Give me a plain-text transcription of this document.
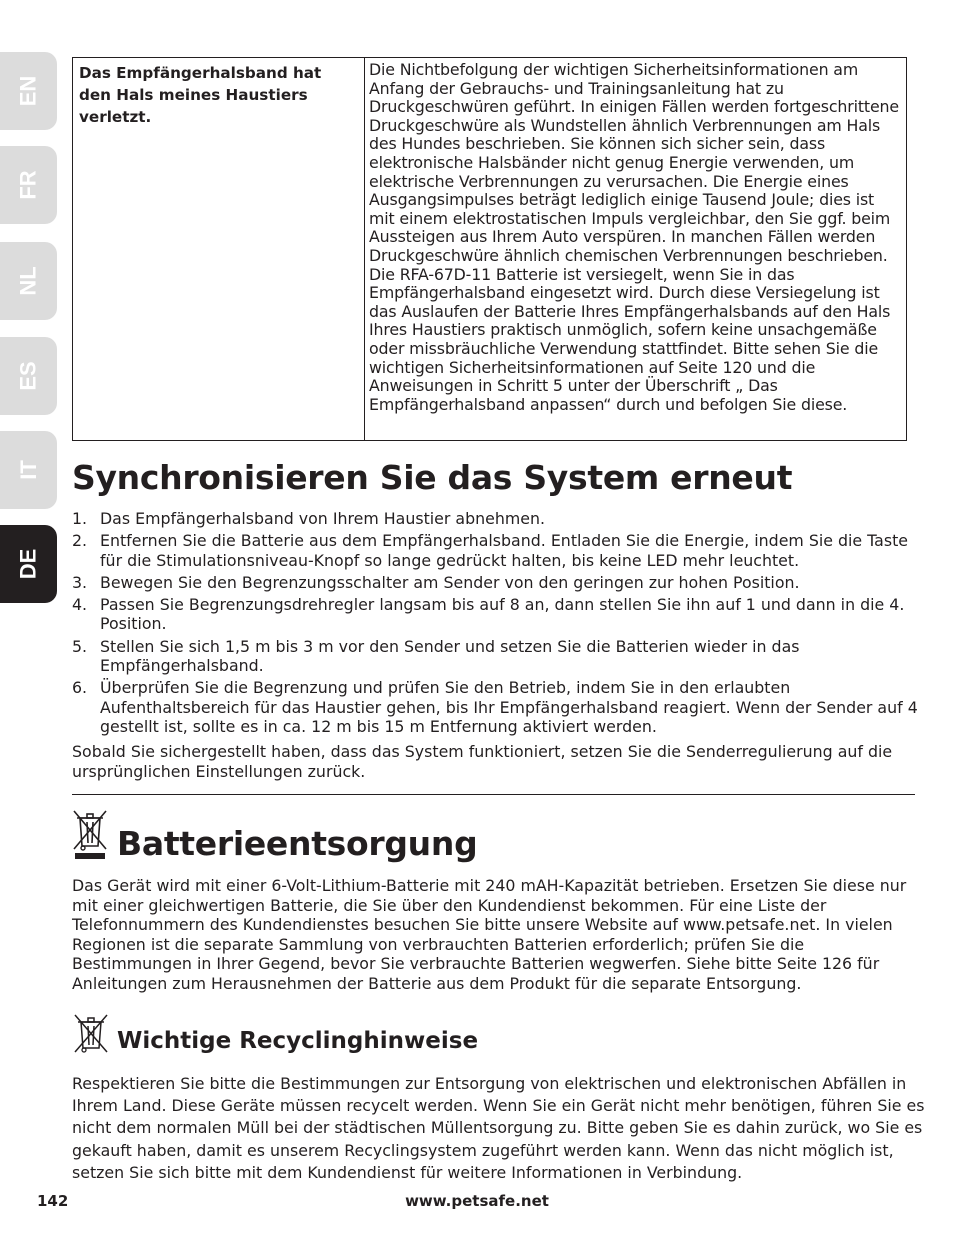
EN
FR
NL
ES
IT
DE
Das Empfängerhalsband hat den Hals meines Haustiers verletzt.
Die Nichtbefolgung der wichtigen Sicherheitsinformationen am Anfang der Gebrauchs- und Trainingsanleitung hat zu Druckgeschwüren geführt. In einigen Fällen werden fortgeschrittene Druckgeschwüre als Wundstellen ähnlich Verbrennungen am Hals des Hundes beschrieben. Sie können sich sicher sein, dass elektronische Halsbänder nicht genug Energie verwenden, um elektrische Verbrennungen zu verursachen. Die Energie eines Ausgangsimpulses beträgt lediglich einige Tausend Joule; dies ist mit einem elektrostatischen Impuls vergleichbar, den Sie ggf. beim Aussteigen aus Ihrem Auto verspüren. In manchen Fällen werden Druckgeschwüre ähnlich chemischen Verbrennungen beschrieben. Die RFA-67D-11 Batterie ist versiegelt, wenn Sie in das Empfängerhalsband eingesetzt wird. Durch diese Versiegelung ist das Auslaufen der Batterie Ihres Empfängerhalsbands auf den Hals Ihres Haustiers praktisch unmöglich, sofern keine unsachgemäße oder missbräuchliche Verwendung stattfindet. Bitte sehen Sie die wichtigen Sicherheitsinformationen auf Seite 120 und die Anweisungen in Schritt 5 unter der Überschrift „ Das Empfängerhalsband anpassen“ durch und befolgen Sie diese.
Synchronisieren Sie das System erneut
1. Das Empfängerhalsband von Ihrem Haustier abnehmen.
2. Entfernen Sie die Batterie aus dem Empfängerhalsband. Entladen Sie die Energie, indem Sie die Taste für die Stimulationsniveau-Knopf so lange gedrückt halten, bis keine LED mehr leuchtet.
3. Bewegen Sie den Begrenzungsschalter am Sender von den geringen zur hohen Position.
4. Passen Sie Begrenzungsdrehregler langsam bis auf 8 an, dann stellen Sie ihn auf 1 und dann in die 4. Position.
5. Stellen Sie sich 1,5 m bis 3 m vor den Sender und setzen Sie die Batterien wieder in das Empfängerhalsband.
6. Überprüfen Sie die Begrenzung und prüfen Sie den Betrieb, indem Sie in den erlaubten Aufenthaltsbereich für das Haustier gehen, bis Ihr Empfängerhalsband reagiert. Wenn der Sender auf 4 gestellt ist, sollte es in ca. 12 m bis 15 m Entfernung aktiviert werden.

Sobald Sie sichergestellt haben, dass das System funktioniert, setzen Sie die Senderregulierung auf die ursprünglichen Einstellungen zurück.

Batterieentsorgung

Das Gerät wird mit einer 6-Volt-Lithium-Batterie mit 240 mAH-Kapazität betrieben. Ersetzen Sie diese nur mit einer gleichwertigen Batterie, die Sie über den Kundendienst bekommen. Für eine Liste der Telefonnummern des Kundendienstes besuchen Sie bitte unsere Website auf www.petsafe.net. In vielen Regionen ist die separate Sammlung von verbrauchten Batterien erforderlich; prüfen Sie die Bestimmungen in Ihrer Gegend, bevor Sie verbrauchte Batterien wegwerfen. Siehe bitte Seite 126 für Anleitungen zum Herausnehmen der Batterie aus dem Produkt für die separate Entsorgung.

Wichtige Recyclinghinweise

Respektieren Sie bitte die Bestimmungen zur Entsorgung von elektrischen und elektronischen Abfällen in Ihrem Land. Diese Geräte müssen recycelt werden. Wenn Sie ein Gerät nicht mehr benötigen, führen Sie es nicht dem normalen Müll bei der städtischen Müllentsorgung zu. Bitte geben Sie es dahin zurück, wo Sie es gekauft haben, damit es unserem Recyclingsystem zugeführt werden kann. Wenn das nicht möglich ist, setzen Sie sich bitte mit dem Kundendienst für weitere Informationen in Verbindung.

www.petsafe.net
142
